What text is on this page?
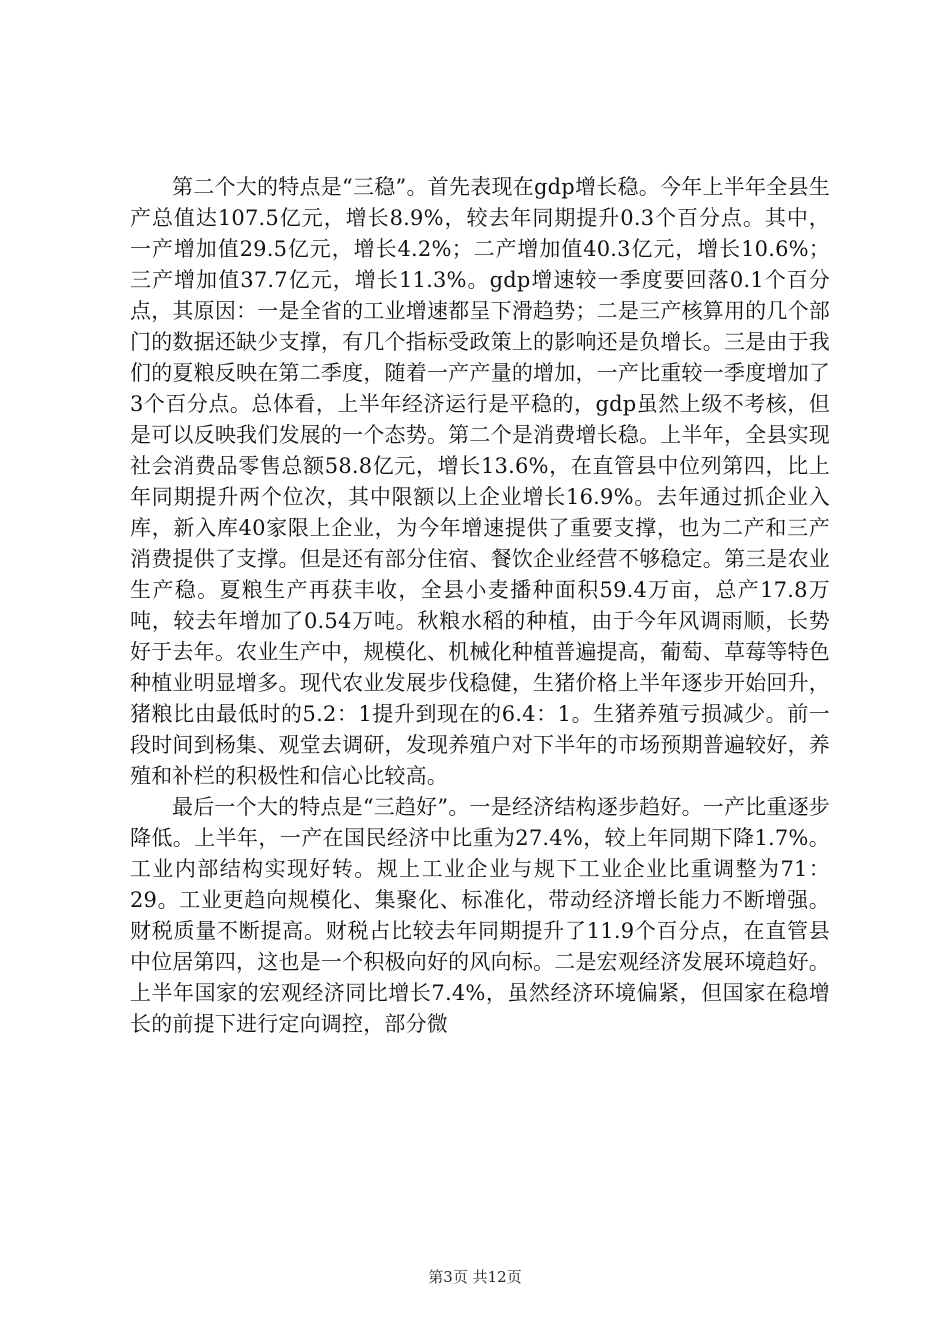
第二个大的特点是“三稳”。首先表现在gdp增长稳。今年上半年全县生产总值达107.5亿元，增长8.9%，较去年同期提升0.3个百分点。其中，一产增加值29.5亿元，增长4.2%；二产增加值40.3亿元，增长10.6%；三产增加值37.7亿元，增长11.3%。gdp增速较一季度要回落0.1个百分点，其原因：一是全省的工业增速都呈下滑趋势；二是三产核算用的几个部门的数据还缺少支撑，有几个指标受政策上的影响还是负增长。三是由于我们的夏粮反映在第二季度，随着一产产量的增加，一产比重较一季度增加了3个百分点。总体看，上半年经济运行是平稳的，gdp虽然上级不考核，但是可以反映我们发展的一个态势。第二个是消费增长稳。上半年，全县实现社会消费品零售总额58.8亿元，增长13.6%，在直管县中位列第四，比上年同期提升两个位次，其中限额以上企业增长16.9%。去年通过抓企业入库，新入库40家限上企业，为今年增速提供了重要支撑，也为二产和三产消费提供了支撑。但是还有部分住宿、餐饮企业经营不够稳定。第三是农业生产稳。夏粮生产再获丰收，全县小麦播种面积59.4万亩，总产17.8万吨，较去年增加了0.54万吨。秋粮水稻的种植，由于今年风调雨顺，长势好于去年。农业生产中，规模化、机械化种植普遍提高，葡萄、草莓等特色种植业明显增多。现代农业发展步伐稳健，生猪价格上半年逐步开始回升，猪粮比由最低时的5.2：1提升到现在的6.4：1。生猪养殖亏损减少。前一段时间到杨集、观堂去调研，发现养殖户对下半年的市场预期普遍较好，养殖和补栏的积极性和信心比较高。

最后一个大的特点是“三趋好”。一是经济结构逐步趋好。一产比重逐步降低。上半年，一产在国民经济中比重为27.4%，较上年同期下降1.7%。工业内部结构实现好转。规上工业企业与规下工业企业比重调整为71：29。工业更趋向规模化、集聚化、标准化，带动经济增长能力不断增强。财税质量不断提高。财税占比较去年同期提升了11.9个百分点，在直管县中位居第四，这也是一个积极向好的风向标。二是宏观经济发展环境趋好。上半年国家的宏观经济同比增长7.4%，虽然经济环境偏紧，但国家在稳增长的前提下进行定向调控，部分微

第3页 共12页
